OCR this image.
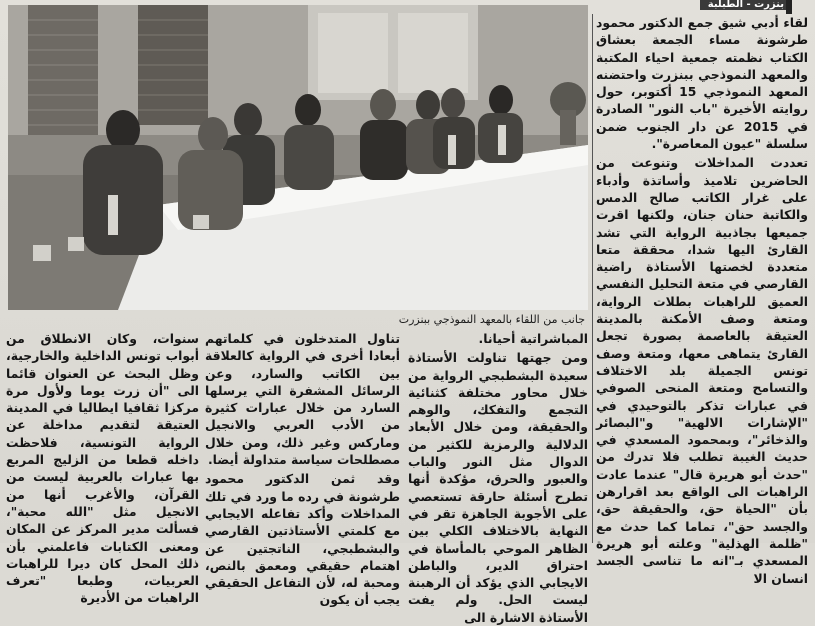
بنزرت - الطبلبة
جانب من اللقاء بالمعهد النموذجي ببنزرت

لقاء أدبي شيق جمع الدكتور محمود طرشونة مساء الجمعة بعشاق الكتاب نظمته جمعية احياء المكتبة والمعهد النموذجي ببنزرت واحتضنه المعهد النموذجي 15 أكتوبر، حول روايته الأخيرة "باب النور" الصادرة في 2015 عن دار الجنوب ضمن سلسلة "عيون المعاصرة".

تعددت المداخلات وتنوعت من الحاضرين تلاميذ وأساتذة وأدباء على غرار الكاتب صالح الدمس والكاتبة حنان جنان، ولكنها اقرت جميعها بجاذبية الرواية التي تشد القارئ اليها شدا، محققة متعا متعددة لخصتها الأستاذة راضية القارصي في متعة التحليل النفسي العميق للراهبات بطلات الرواية، ومتعة وصف الأمكنة بالمدينة العتيقة بالعاصمة بصورة تجعل القارئ يتماهى معها، ومتعة وصف تونس الجميلة بلد الاختلاف والتسامح ومتعة المنحى الصوفي في عبارات تذكر بالتوحيدي في "الإشارات الالهية" و"البصائر والذخائر"، وبمحمود المسعدي في حديث الغيبة تطلب فلا تدرك من "حدث أبو هريرة قال" عندما عادت الراهبات الى الواقع بعد اقرارهن بأن "الحياة حق، والحقيقة حق، والجسد حق"، تماما كما حدث مع "ظلمة الهذلية" وعلته أبو هريرة المسعدي بـ"انه ما تناسى الجسد انسان الا

المباشراتية أحيانا.

ومن جهتها تناولت الأستاذة سعيدة البشطبجي الرواية من خلال محاور مختلفة كثنائية التجمع والتفكك، والوهم والحقيقة، ومن خلال الأبعاد الدلالية والرمزية للكثير من الدوال مثل النور والباب والعبور والحرق، مؤكدة أنها تطرح أسئلة حارقة تستعصي على الأجوبة الجاهزة تقر في النهاية بالاختلاف الكلي بين الظاهر الموحي بالمأساة في احتراق الدير، والباطن الايجابي الذي يؤكد أن الرهبنة ليست الحل. ولم يفت الأستاذة الاشارة الى

تناول المتدخلون في كلماتهم أبعادا أخرى في الرواية كالعلاقة بين الكاتب والسارد، وعن الرسائل المشفرة التي يرسلها السارد من خلال عبارات كثيرة من الأدب العربي والانجيل وماركس وغير ذلك، ومن خلال مصطلحات سياسة متداولة أيضا.

وقد ثمن الدكتور محمود طرشونة في رده ما ورد في تلك المداخلات وأكد تفاعله الايجابي مع كلمتي الأستاذتين القارصي والبشطبجي، الناتجتين عن اهتمام حقيقي ومعمق بالنص، ومحبة له، لأن التفاعل الحقيقي يجب أن يكون

سنوات، وكان الانطلاق من أبواب تونس الداخلية والخارجية، وظل البحث عن العنوان قائما الى "أن زرت يوما ولأول مرة مركزا ثقافيا ايطاليا في المدينة العتيقة لتقديم مداخلة عن الرواية التونسية، فلاحظت داخله قطعا من الزليج المربع بها عبارات بالعربية ليست من القرآن، والأغرب أنها من الانجيل مثل "الله محبة"، فسألت مدير المركز عن المكان ومعنى الكتابات فاعلمني بأن ذلك المحل كان ديرا للراهبات العربيات، وطبعا "تعرف الراهبات من الأديرة
